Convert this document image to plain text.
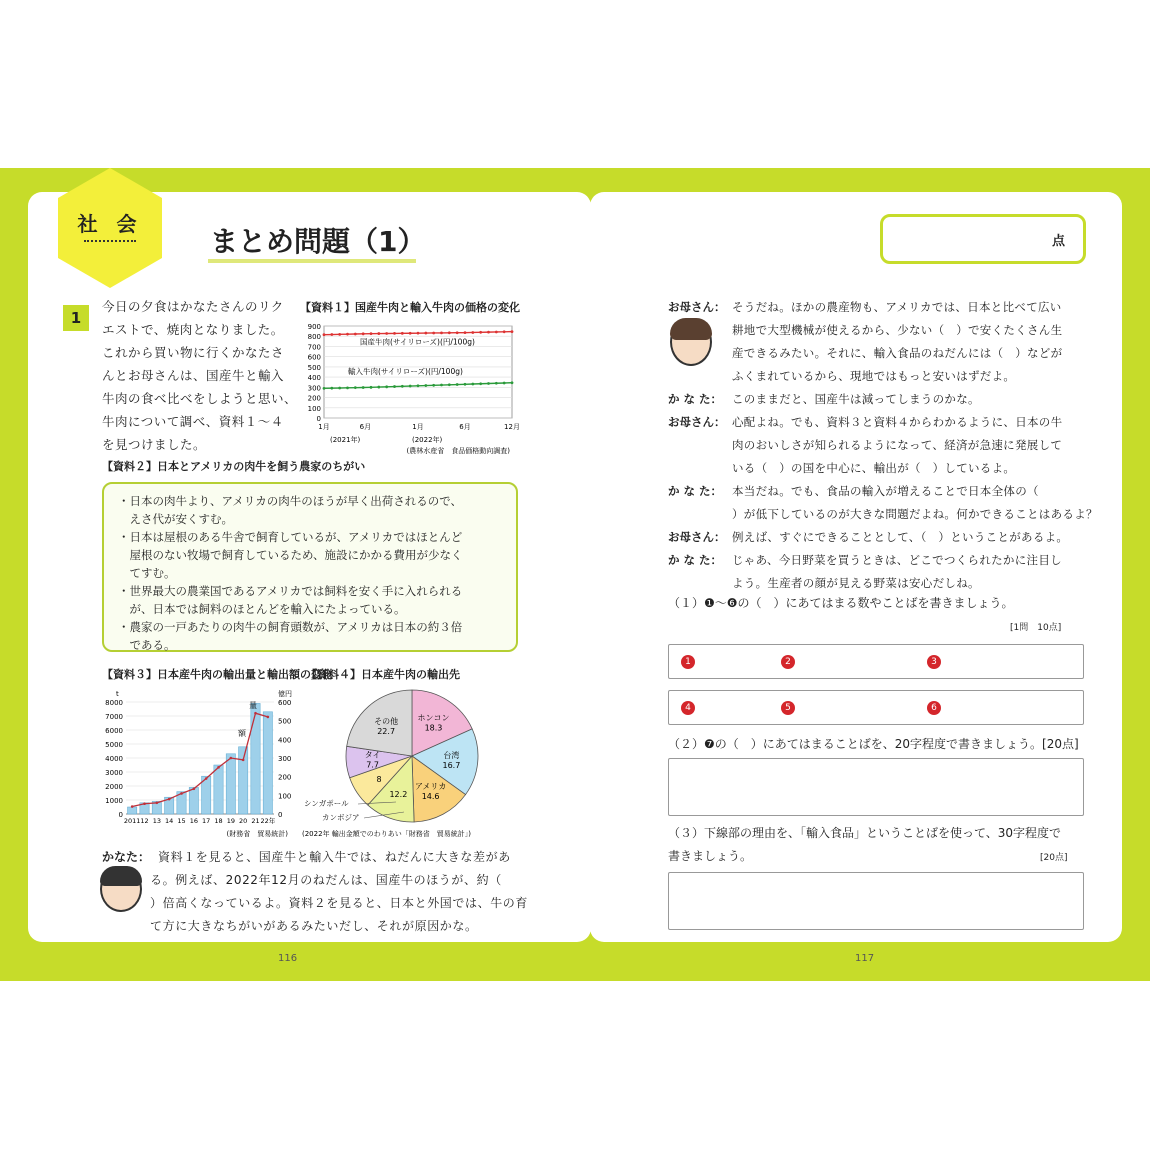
社 会
まとめ問題（1）	点
1
【資料１】国産牛肉と輸入牛肉の価格の変化
900
800
700
600
500
400
300
200
100
0
1月	6月	1月	6月	12月
(2021年)	(2022年)
(農林水産省　食品価格動向調査)
国産牛肉(サイリローズ)(円/100g)
輸入牛肉(サイリローズ)(円/100g)
【資料２】日本とアメリカの肉牛を飼う農家のちがい
・日本の肉牛より、アメリカの肉牛のほうが早く出荷されるので、
　えさ代が安くすむ。
・日本は屋根のある牛舎で飼育しているが、アメリカではほとんど
　屋根のない牧場で飼育しているため、施設にかかる費用が少なく
　てすむ。
・世界最大の農業国であるアメリカでは飼料を安く手に入れられる
　が、日本では飼料のほとんどを輸入にたよっている。
・農家の一戸あたりの肉牛の飼育頭数が、アメリカは日本の約３倍
　である。
【資料３】日本産牛肉の輸出量と輸出額の変化
t	億円
8000
7000
6000
5000
4000
3000
2000
1000
0
600
500
400
300
200
100
0
2011 12 13 14 15 16 17 18 19 20 21 22年
量
額
(財務省　貿易統計)
【資料４】日本産牛肉の輸出先
ホンコン
18.3
台湾
16.7
アメリカ
14.6
12.2
8
タイ
7.7
その他
22.7
シンガポール
カンボジア
(2022年 輸出金額でのわりあい「財務省　貿易統計」)
かなた： 資料１を見ると、国産牛と輸入牛では、ねだんに大きな差があ
る。例えば、2022年12月のねだんは、国産牛のほうが、約（
）倍高くなっているよ。資料２を見ると、日本と外国では、牛の育
て方に大きなちがいがあるみたいだし、それが原因かな。
お母さん： そうだね。ほかの農産物も、アメリカでは、日本と比べて広い
耕地で大型機械が使えるから、少ない（　）で安くたくさん生
産できるみたい。それに、輸入食品のねだんには（　）などが
ふくまれているから、現地ではもっと安いはずだよ。
か な た： このままだと、国産牛は減ってしまうのかな。
お母さん： 心配よね。でも、資料３と資料４からわかるように、日本の牛
肉のおいしさが知られるようになって、経済が急速に発展して
いる（　）の国を中心に、輸出が（　）しているよ。
か な た： 本当だね。でも、食品の輸入が増えることで日本全体の（
）が低下しているのが大きな問題だよね。何かできることはあるよ？
お母さん： 例えば、すぐにできることとして、（　）ということがあるよ。
か な た： じゃあ、今日野菜を買うときは、どこでつくられたかに注目し
よう。生産者の顔が見える野菜は安心だしね。
（１）❶～❻の（　）にあてはまる数やことばを書きましょう。
[1問　10点]
1	2	3
4	5	6
（２）❼の（　）にあてはまることばを、20字程度で書きましょう。[20点]
（３）下線部の理由を、「輸入食品」ということばを使って、30字程度で
書きましょう。	[20点]
116	117
今日の夕食はかなたさんのリク
エストで、焼肉となりました。
これから買い物に行くかなたさ
んとお母さんは、国産牛と輸入
牛肉の食べ比べをしようと思い、
牛肉について調べ、資料１～４
を見つけました。
